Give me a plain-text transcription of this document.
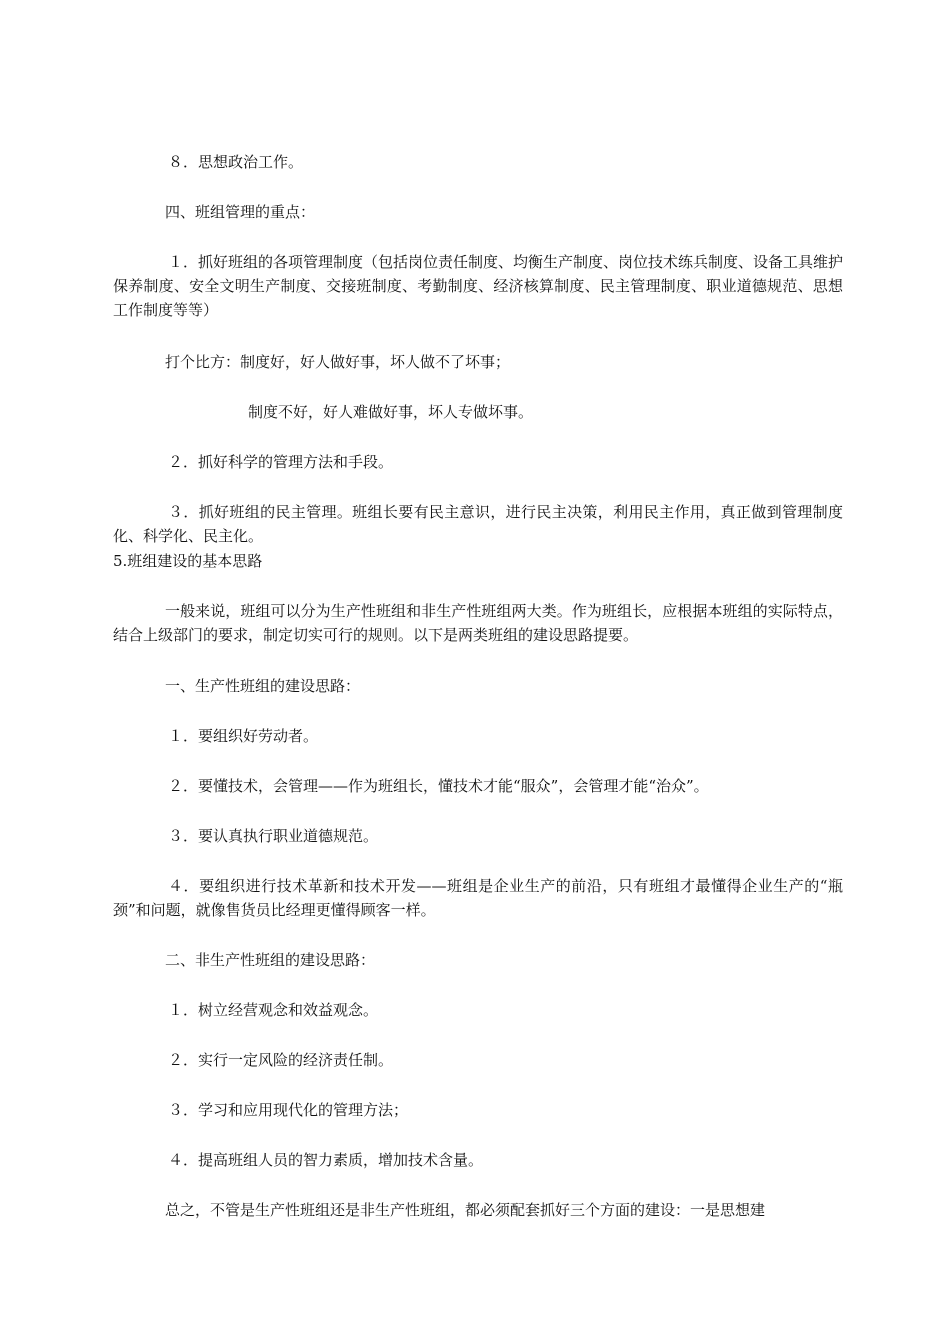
８．思想政治工作。
四、班组管理的重点：
１．抓好班组的各项管理制度（包括岗位责任制度、均衡生产制度、岗位技术练兵制度、设备工具维护保养制度、安全文明生产制度、交接班制度、考勤制度、经济核算制度、民主管理制度、职业道德规范、思想工作制度等等）
打个比方：制度好，好人做好事，坏人做不了坏事；
制度不好，好人难做好事，坏人专做坏事。
２．抓好科学的管理方法和手段。
３．抓好班组的民主管理。班组长要有民主意识，进行民主决策，利用民主作用，真正做到管理制度化、科学化、民主化。
5.班组建设的基本思路
一般来说，班组可以分为生产性班组和非生产性班组两大类。作为班组长，应根据本班组的实际特点，结合上级部门的要求，制定切实可行的规则。以下是两类班组的建设思路提要。
一、生产性班组的建设思路：
１．要组织好劳动者。
２．要懂技术，会管理——作为班组长，懂技术才能“服众”，会管理才能“治众”。
３．要认真执行职业道德规范。
４．要组织进行技术革新和技术开发——班组是企业生产的前沿，只有班组才最懂得企业生产的“瓶颈”和问题，就像售货员比经理更懂得顾客一样。
二、非生产性班组的建设思路：
１．树立经营观念和效益观念。
２．实行一定风险的经济责任制。
３．学习和应用现代化的管理方法；
４．提高班组人员的智力素质，增加技术含量。
总之，不管是生产性班组还是非生产性班组，都必须配套抓好三个方面的建设：一是思想建
